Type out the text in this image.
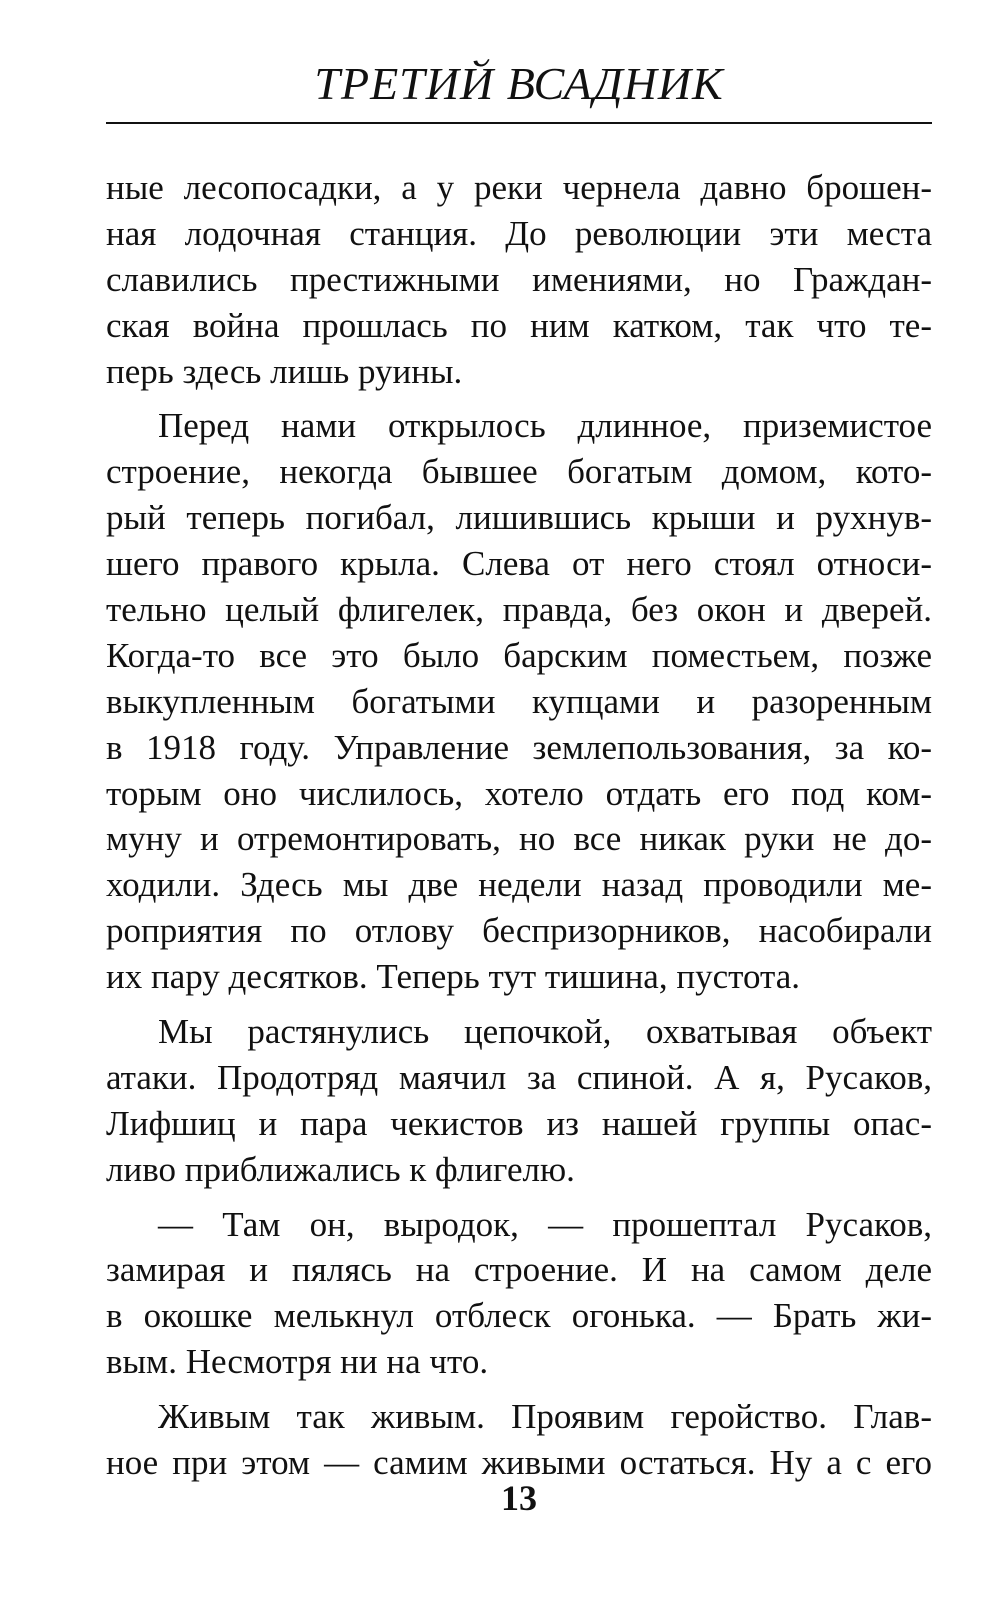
ТРЕТИЙ ВСАДНИК
ные лесопосадки, а у реки чернела давно брошен-
ная лодочная станция. До революции эти места
славились престижными имениями, но Граждан-
ская война прошлась по ним катком, так что те-
перь здесь лишь руины.
Перед нами открылось длинное, приземистое
строение, некогда бывшее богатым домом, кото-
рый теперь погибал, лишившись крыши и рухнув-
шего правого крыла. Слева от него стоял относи-
тельно целый флигелек, правда, без окон и дверей.
Когда-то все это было барским поместьем, позже
выкупленным богатыми купцами и разоренным
в 1918 году. Управление землепользования, за ко-
торым оно числилось, хотело отдать его под ком-
муну и отремонтировать, но все никак руки не до-
ходили. Здесь мы две недели назад проводили ме-
роприятия по отлову беспризорников, насобирали
их пару десятков. Теперь тут тишина, пустота.
Мы растянулись цепочкой, охватывая объект
атаки. Продотряд маячил за спиной. А я, Русаков,
Лифшиц и пара чекистов из нашей группы опас-
ливо приближались к флигелю.
— Там он, выродок, — прошептал Русаков,
замирая и пялясь на строение. И на самом деле
в окошке мелькнул отблеск огонька. — Брать жи-
вым. Несмотря ни на что.
Живым так живым. Проявим геройство. Глав-
ное при этом — самим живыми остаться. Ну а с его
13
